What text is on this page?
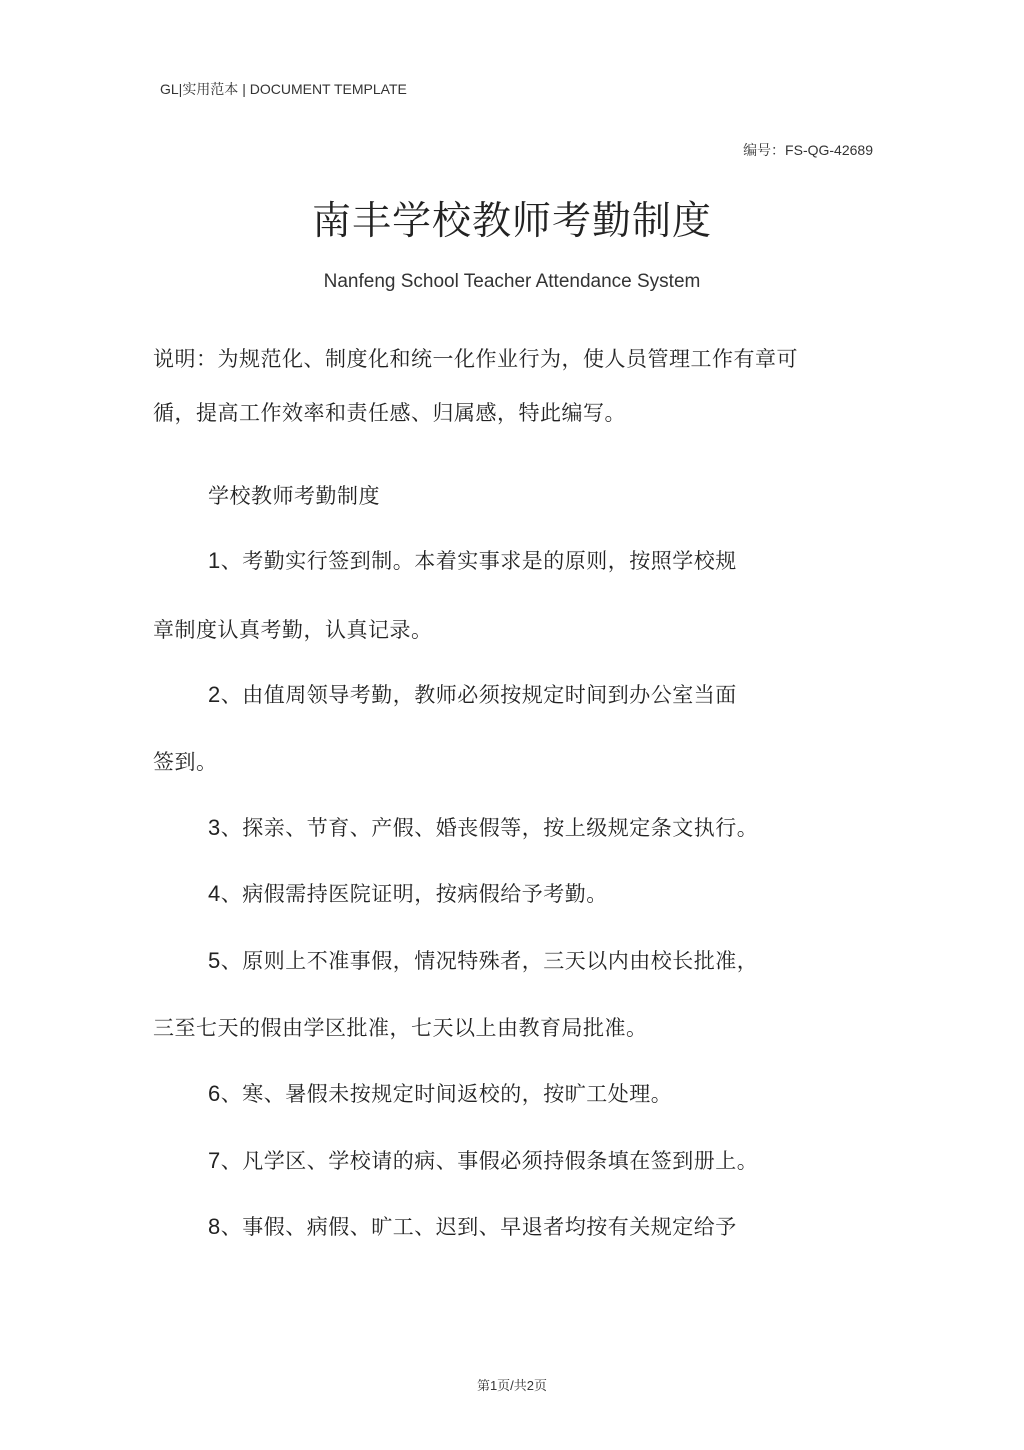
GL|实用范本 | DOCUMENT TEMPLATE
编号：FS-QG-42689
南丰学校教师考勤制度
Nanfeng School Teacher Attendance System
说明：为规范化、制度化和统一化作业行为，使人员管理工作有章可
循，提高工作效率和责任感、归属感，特此编写。
学校教师考勤制度
1、考勤实行签到制。本着实事求是的原则，按照学校规
章制度认真考勤，认真记录。
2、由值周领导考勤，教师必须按规定时间到办公室当面
签到。
3、探亲、节育、产假、婚丧假等，按上级规定条文执行。
4、病假需持医院证明，按病假给予考勤。
5、原则上不准事假，情况特殊者，三天以内由校长批准，
三至七天的假由学区批准，七天以上由教育局批准。
6、寒、暑假未按规定时间返校的，按旷工处理。
7、凡学区、学校请的病、事假必须持假条填在签到册上。
8、事假、病假、旷工、迟到、早退者均按有关规定给予
第1页/共2页
